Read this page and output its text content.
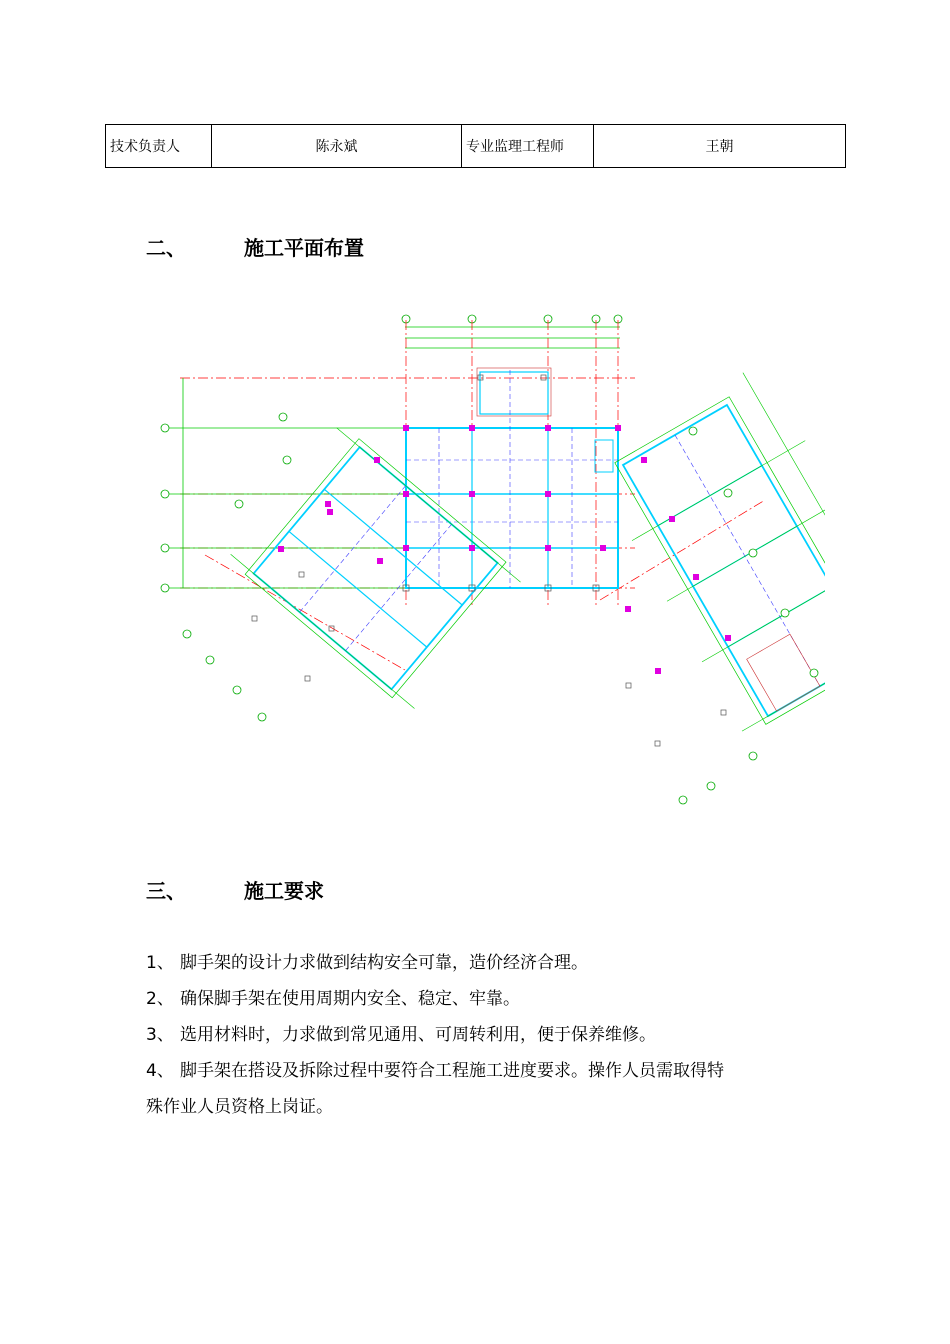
技术负责人	陈永斌	专业监理工程师	王朝
二、	施工平面布置
三、	施工要求

1、 脚手架的设计力求做到结构安全可靠，造价经济合理。

2、 确保脚手架在使用周期内安全、稳定、牢靠。

3、 选用材料时，力求做到常见通用、可周转利用，便于保养维修。

4、 脚手架在搭设及拆除过程中要符合工程施工进度要求。操作人员需取得特

殊作业人员资格上岗证。
